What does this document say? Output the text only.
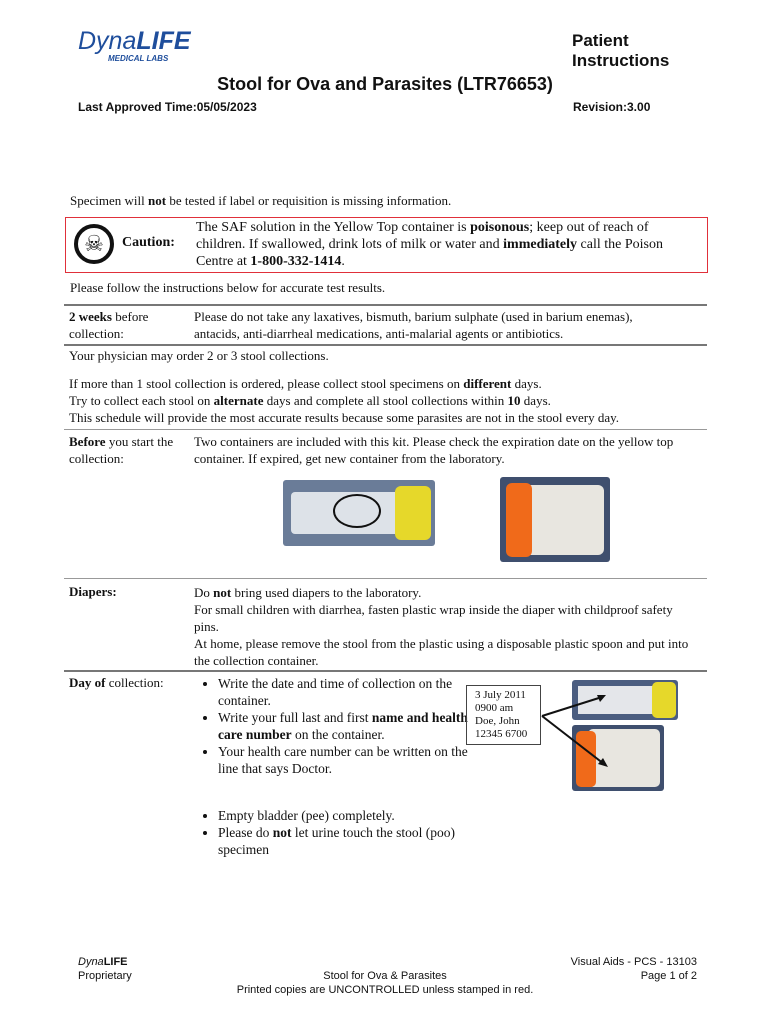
DynaLIFE
MEDICAL LABS
Patient
Instructions
Stool for Ova and Parasites (LTR76653)
Last Approved Time:05/05/2023	Revision:3.00
Specimen will not be tested if label or requisition is missing information.
☠	Caution:
The SAF solution in the Yellow Top container is poisonous; keep out of reach of children. If swallowed, drink lots of milk or water and immediately call the Poison Centre at 1-800-332-1414.
Please follow the instructions below for accurate test results.
2 weeks before collection:
Please do not take any laxatives, bismuth, barium sulphate (used in barium enemas), antacids, anti-diarrheal medications, anti-malarial agents or antibiotics.
Your physician may order 2 or 3 stool collections.
If more than 1 stool collection is ordered, please collect stool specimens on different days.
Try to collect each stool on alternate days and complete all stool collections within 10 days.
This schedule will provide the most accurate results because some parasites are not in the stool every day.
Before you start the collection:
Two containers are included with this kit. Please check the expiration date on the yellow top container. If expired, get new container from the laboratory.
Diapers:	Do not bring used diapers to the laboratory.
For small children with diarrhea, fasten plastic wrap inside the diaper with childproof safety pins.
At home, please remove the stool from the plastic using a disposable plastic spoon and put into the collection container.
Day of collection:	• Write the date and time of collection on the container.
• Write your full last and first name and health care number on the container.
• Your health care number can be written on the line that says Doctor.
• Empty bladder (pee) completely.
• Please do not let urine touch the stool (poo) specimen
3 July 2011
0900 am
Doe, John
12345 6700
DynaLIFE
Proprietary	Stool for Ova & Parasites
Printed copies are UNCONTROLLED unless stamped in red.
Visual Aids - PCS - 13103
Page 1 of 2
